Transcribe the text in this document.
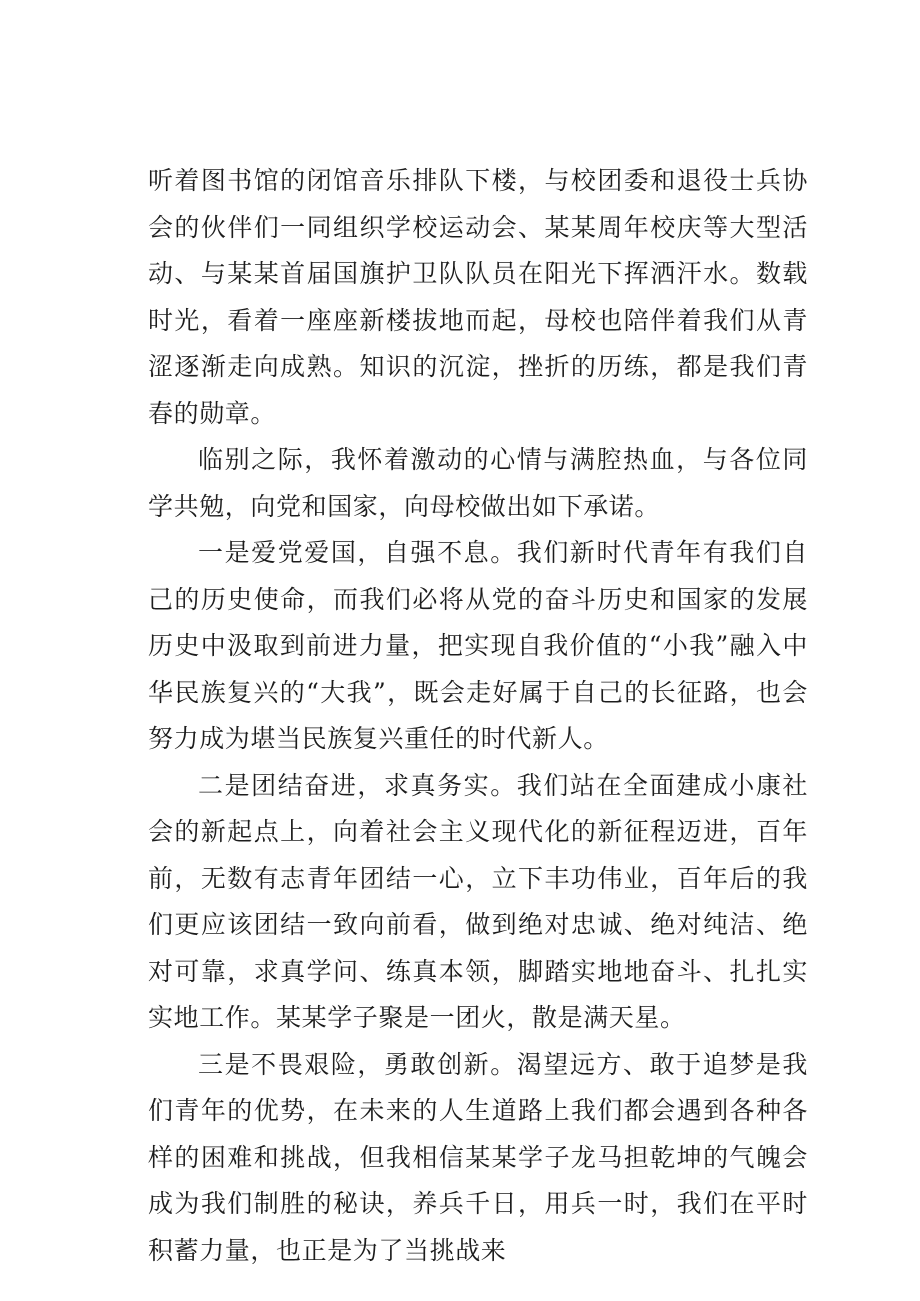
听着图书馆的闭馆音乐排队下楼，与校团委和退役士兵协会的伙伴们一同组织学校运动会、某某周年校庆等大型活动、与某某首届国旗护卫队队员在阳光下挥洒汗水。数载时光，看着一座座新楼拔地而起，母校也陪伴着我们从青涩逐渐走向成熟。知识的沉淀，挫折的历练，都是我们青春的勋章。

临别之际，我怀着激动的心情与满腔热血，与各位同学共勉，向党和国家，向母校做出如下承诺。

一是爱党爱国，自强不息。我们新时代青年有我们自己的历史使命，而我们必将从党的奋斗历史和国家的发展历史中汲取到前进力量，把实现自我价值的“小我”融入中华民族复兴的“大我”，既会走好属于自己的长征路，也会努力成为堪当民族复兴重任的时代新人。

二是团结奋进，求真务实。我们站在全面建成小康社会的新起点上，向着社会主义现代化的新征程迈进，百年前，无数有志青年团结一心，立下丰功伟业，百年后的我们更应该团结一致向前看，做到绝对忠诚、绝对纯洁、绝对可靠，求真学问、练真本领，脚踏实地地奋斗、扎扎实实地工作。某某学子聚是一团火，散是满天星。

三是不畏艰险，勇敢创新。渴望远方、敢于追梦是我们青年的优势，在未来的人生道路上我们都会遇到各种各样的困难和挑战，但我相信某某学子龙马担乾坤的气魄会成为我们制胜的秘诀，养兵千日，用兵一时，我们在平时积蓄力量，也正是为了当挑战来
